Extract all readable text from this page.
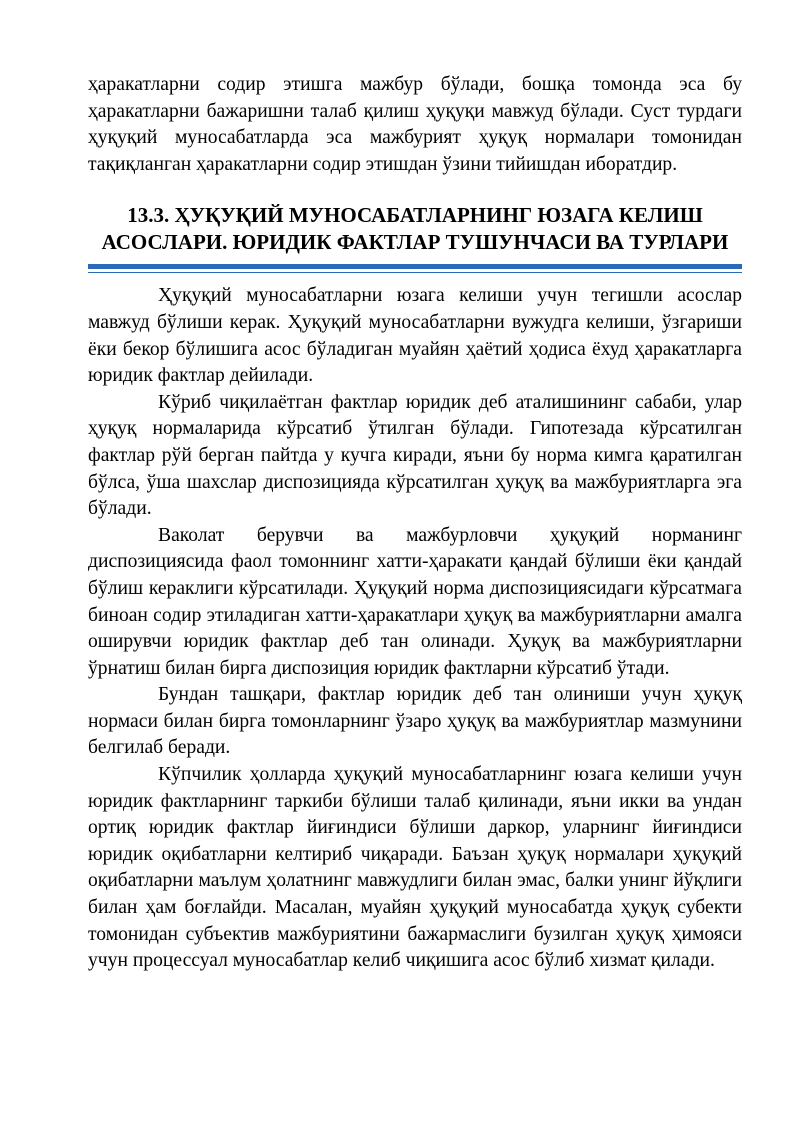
ҳаракатларни содир этишга мажбур бўлади, бошқа томонда эса бу ҳаракатларни бажаришни талаб қилиш ҳуқуқи мавжуд бўлади. Суст турдаги ҳуқуқий муносабатларда эса мажбурият ҳуқуқ нормалари томонидан тақиқланган ҳаракатларни содир этишдан ўзини тийишдан иборатдир.

13.3. ҲУҚУҚИЙ МУНОСАБАТЛАРНИНГ ЮЗАГА КЕЛИШ АСОСЛАРИ. ЮРИДИК ФАКТЛАР ТУШУНЧАСИ ВА ТУРЛАРИ

Ҳуқуқий муносабатларни юзага келиши учун тегишли асослар мавжуд бўлиши керак. Ҳуқуқий муносабатларни вужудга келиши, ўзгариши ёки бекор бўлишига асос бўладиган муайян ҳаётий ҳодиса ёхуд ҳаракатларга юридик фактлар дейилади.

Кўриб чиқилаётган фактлар юридик деб аталишининг сабаби, улар ҳуқуқ нормаларида кўрсатиб ўтилган бўлади. Гипотезада кўрсатилган фактлар рўй берган пайтда у кучга киради, яъни бу норма кимга қаратилган бўлса, ўша шахслар диспозицияда кўрсатилган ҳуқуқ ва мажбуриятларга эга бўлади.

Ваколат берувчи ва мажбурловчи ҳуқуқий норманинг диспозициясида фаол томоннинг хатти-ҳаракати қандай бўлиши ёки қандай бўлиш кераклиги кўрсатилади. Ҳуқуқий норма диспозициясидаги кўрсатмага биноан содир этиладиган хатти-ҳаракатлари ҳуқуқ ва мажбуриятларни амалга оширувчи юридик фактлар деб тан олинади. Ҳуқуқ ва мажбуриятларни ўрнатиш билан бирга диспозиция юридик фактларни кўрсатиб ўтади.

Бундан ташқари, фактлар юридик деб тан олиниши учун ҳуқуқ нормаси билан бирга томонларнинг ўзаро ҳуқуқ ва мажбуриятлар мазмунини белгилаб беради.

Кўпчилик ҳолларда ҳуқуқий муносабатларнинг юзага келиши учун юридик фактларнинг таркиби бўлиши талаб қилинади, яъни икки ва ундан ортиқ юридик фактлар йиғиндиси бўлиши даркор, уларнинг йиғиндиси юридик оқибатларни келтириб чиқаради. Баъзан ҳуқуқ нормалари ҳуқуқий оқибатларни маълум ҳолатнинг мавжудлиги билан эмас, балки унинг йўқлиги билан ҳам боғлайди. Масалан, муайян ҳуқуқий муносабатда ҳуқуқ субекти томонидан субъектив мажбуриятини бажармаслиги бузилган ҳуқуқ ҳимояси учун процессуал муносабатлар келиб чиқишига асос бўлиб хизмат қилади.
